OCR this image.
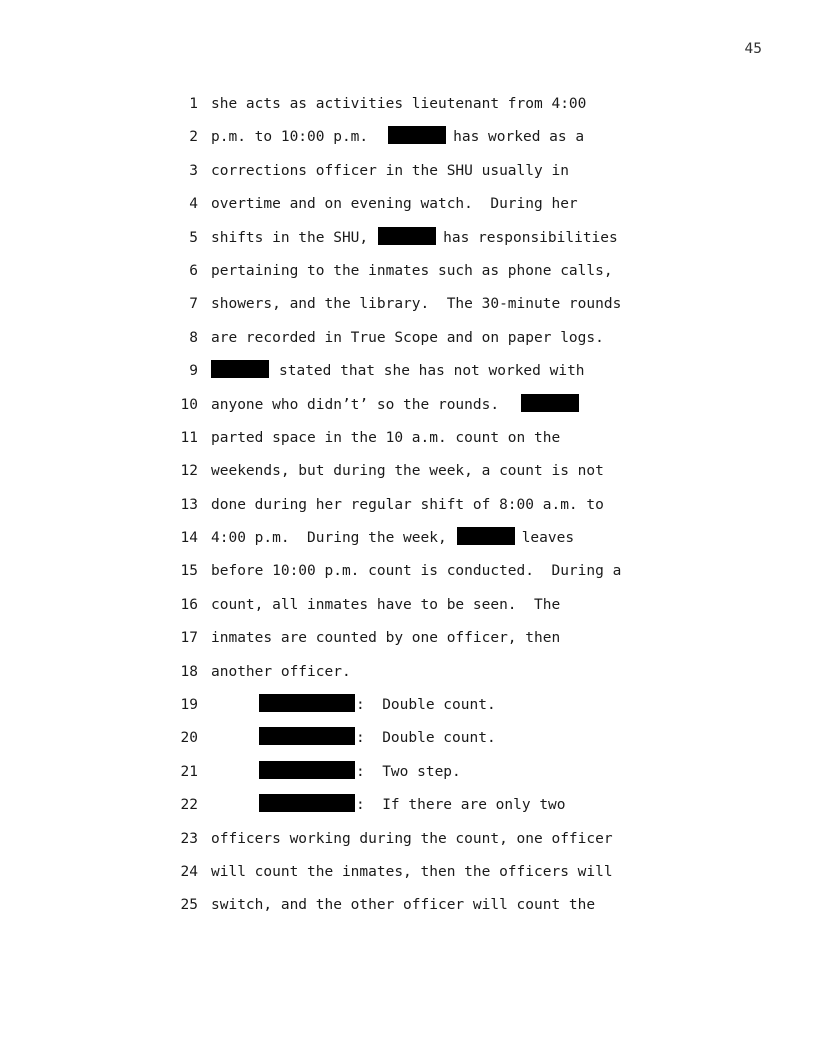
45
1 she acts as activities lieutenant from 4:00
2 p.m. to 10:00 p.m.	has worked as a
3 corrections officer in the SHU usually in
4 overtime and on evening watch.  During her
5 shifts in the SHU,	has responsibilities
6 pertaining to the inmates such as phone calls,
7 showers, and the library.  The 30-minute rounds
8 are recorded in True Scope and on paper logs.
9	stated that she has not worked with
10 anyone who didn’t’ so the rounds.
11 parted space in the 10 a.m. count on the
12 weekends, but during the week, a count is not
13 done during her regular shift of 8:00 a.m. to
14 4:00 p.m.  During the week,	leaves
15 before 10:00 p.m. count is conducted.  During a
16 count, all inmates have to be seen.  The
17 inmates are counted by one officer, then
18 another officer.
19	:  Double count.
20	:  Double count.
21	:  Two step.
22	:  If there are only two
23 officers working during the count, one officer
24 will count the inmates, then the officers will
25 switch, and the other officer will count the
